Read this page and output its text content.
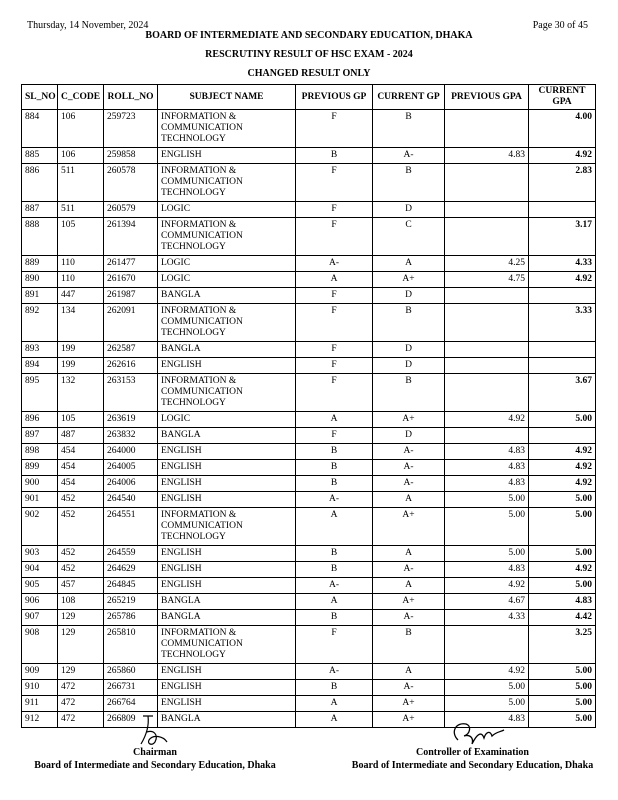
Thursday, 14 November, 2024	Page 30 of 45
BOARD OF INTERMEDIATE AND SECONDARY EDUCATION, DHAKA
RESCRUTINY RESULT OF HSC EXAM - 2024
CHANGED RESULT ONLY
SL_NO	C_CODE	ROLL_NO	SUBJECT NAME	PREVIOUS GP	CURRENT GP	PREVIOUS GPA	CURRENT GPA
884	106	259723	INFORMATION & COMMUNICATION TECHNOLOGY	F	B		4.00
885	106	259858	ENGLISH	B	A-	4.83	4.92
886	511	260578	INFORMATION & COMMUNICATION TECHNOLOGY	F	B		2.83
887	511	260579	LOGIC	F	D		
888	105	261394	INFORMATION & COMMUNICATION TECHNOLOGY	F	C		3.17
889	110	261477	LOGIC	A-	A	4.25	4.33
890	110	261670	LOGIC	A	A+	4.75	4.92
891	447	261987	BANGLA	F	D		
892	134	262091	INFORMATION & COMMUNICATION TECHNOLOGY	F	B		3.33
893	199	262587	BANGLA	F	D		
894	199	262616	ENGLISH	F	D		
895	132	263153	INFORMATION & COMMUNICATION TECHNOLOGY	F	B		3.67
896	105	263619	LOGIC	A	A+	4.92	5.00
897	487	263832	BANGLA	F	D		
898	454	264000	ENGLISH	B	A-	4.83	4.92
899	454	264005	ENGLISH	B	A-	4.83	4.92
900	454	264006	ENGLISH	B	A-	4.83	4.92
901	452	264540	ENGLISH	A-	A	5.00	5.00
902	452	264551	INFORMATION & COMMUNICATION TECHNOLOGY	A	A+	5.00	5.00
903	452	264559	ENGLISH	B	A	5.00	5.00
904	452	264629	ENGLISH	B	A-	4.83	4.92
905	457	264845	ENGLISH	A-	A	4.92	5.00
906	108	265219	BANGLA	A	A+	4.67	4.83
907	129	265786	BANGLA	B	A-	4.33	4.42
908	129	265810	INFORMATION & COMMUNICATION TECHNOLOGY	F	B		3.25
909	129	265860	ENGLISH	A-	A	4.92	5.00
910	472	266731	ENGLISH	B	A-	5.00	5.00
911	472	266764	ENGLISH	A	A+	5.00	5.00
912	472	266809	BANGLA	A	A+	4.83	5.00
Chairman
Board of Intermediate and Secondary Education, Dhaka
Controller of Examination
Board of Intermediate and Secondary Education, Dhaka
